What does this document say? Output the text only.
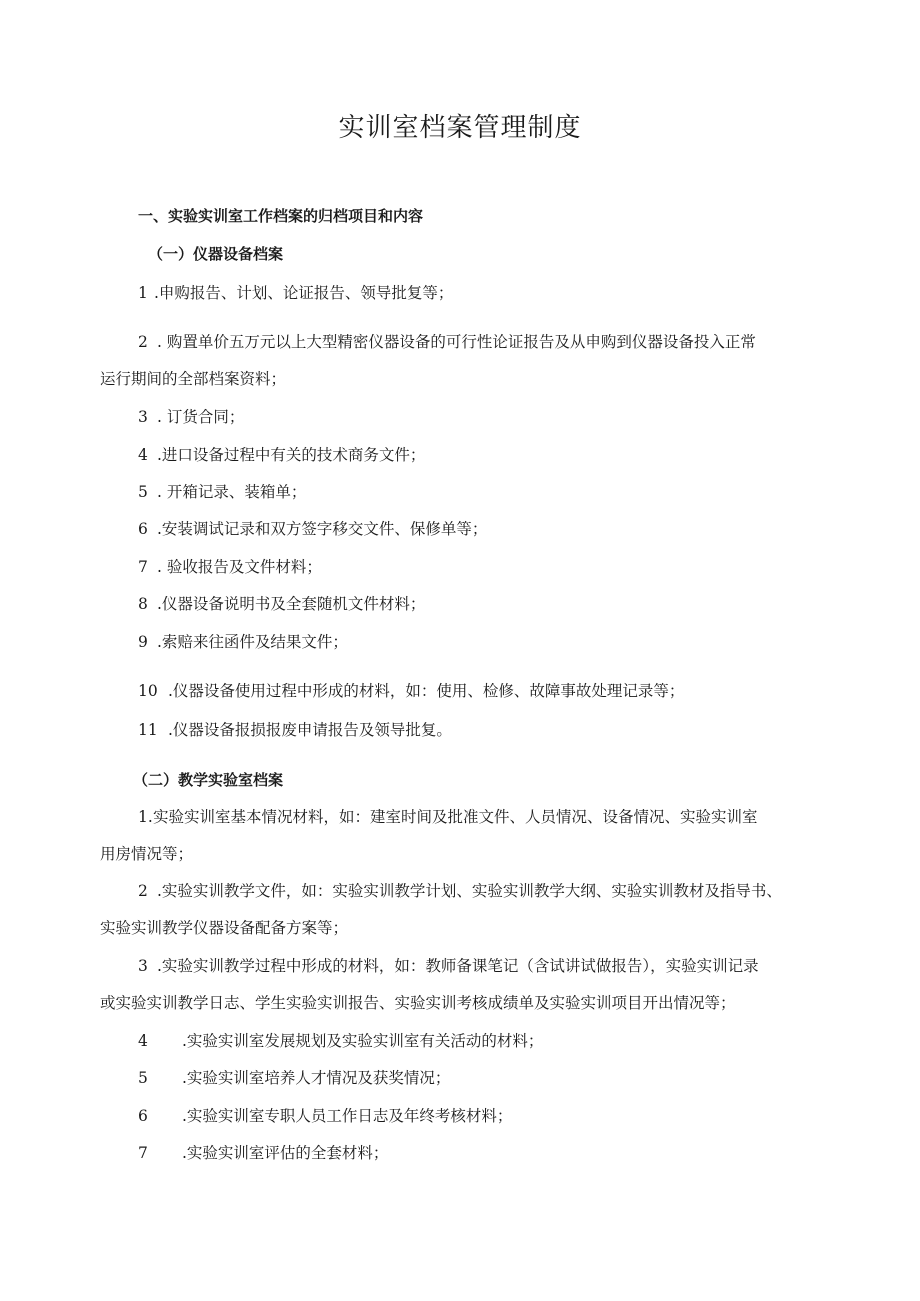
实训室档案管理制度
一、实验实训室工作档案的归档项目和内容
（一）仪器设备档案
1 .申购报告、计划、论证报告、领导批复等；
2 . 购置单价五万元以上大型精密仪器设备的可行性论证报告及从申购到仪器设备投入正常
运行期间的全部档案资料；
3 . 订货合同；
4 .进口设备过程中有关的技术商务文件；
5 . 开箱记录、装箱单；
6 .安装调试记录和双方签字移交文件、保修单等；
7 . 验收报告及文件材料；
8 .仪器设备说明书及全套随机文件材料；
9 .索赔来往函件及结果文件；
10 .仪器设备使用过程中形成的材料，如：使用、检修、故障事故处理记录等；
11 .仪器设备报损报废申请报告及领导批复。
（二）教学实验室档案
1.实验实训室基本情况材料，如：建室时间及批准文件、人员情况、设备情况、实验实训室
用房情况等；
2 .实验实训教学文件，如：实验实训教学计划、实验实训教学大纲、实验实训教材及指导书、
实验实训教学仪器设备配备方案等；
3 .实验实训教学过程中形成的材料，如：教师备课笔记（含试讲试做报告），实验实训记录
或实验实训教学日志、学生实验实训报告、实验实训考核成绩单及实验实训项目开出情况等；
4 .实验实训室发展规划及实验实训室有关活动的材料；
5 .实验实训室培养人才情况及获奖情况；
6 .实验实训室专职人员工作日志及年终考核材料；
7 .实验实训室评估的全套材料；
